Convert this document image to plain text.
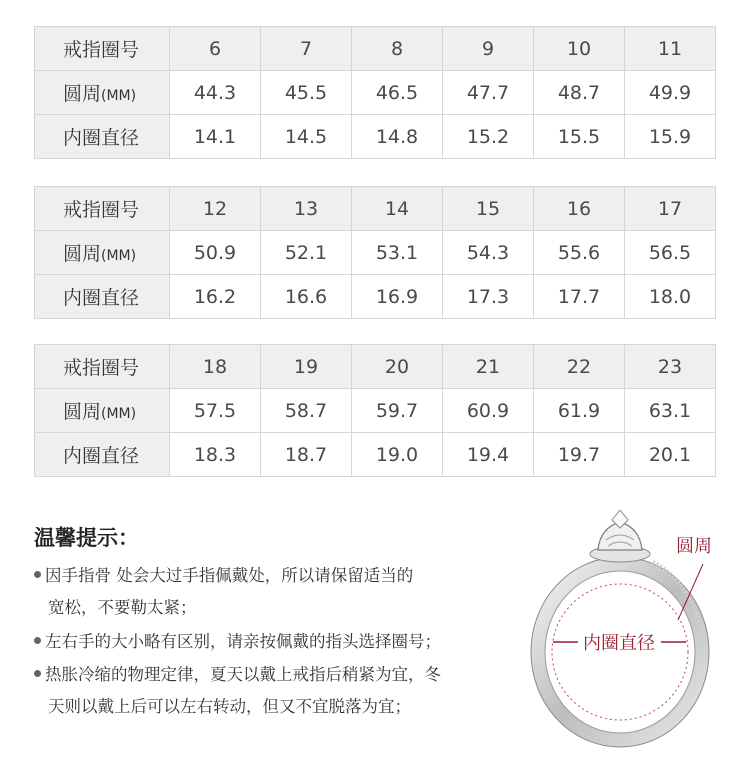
戒指圈号	6	7	8	9	10	11
圆周(MM)	44.3	45.5	46.5	47.7	48.7	49.9
内圈直径	14.1	14.5	14.8	15.2	15.5	15.9
戒指圈号	12	13	14	15	16	17
圆周(MM)	50.9	52.1	53.1	54.3	55.6	56.5
内圈直径	16.2	16.6	16.9	17.3	17.7	18.0
戒指圈号	18	19	20	21	22	23
圆周(MM)	57.5	58.7	59.7	60.9	61.9	63.1
内圈直径	18.3	18.7	19.0	19.4	19.7	20.1
温馨提示：
因手指骨 处会大过手指佩戴处，所以请保留适当的
宽松，不要勒太紧；
左右手的大小略有区别，请亲按佩戴的指头选择圈号；
热胀冷缩的物理定律，夏天以戴上戒指后稍紧为宜，冬
天则以戴上后可以左右转动，但又不宜脱落为宜；
内圈直径
圆周
